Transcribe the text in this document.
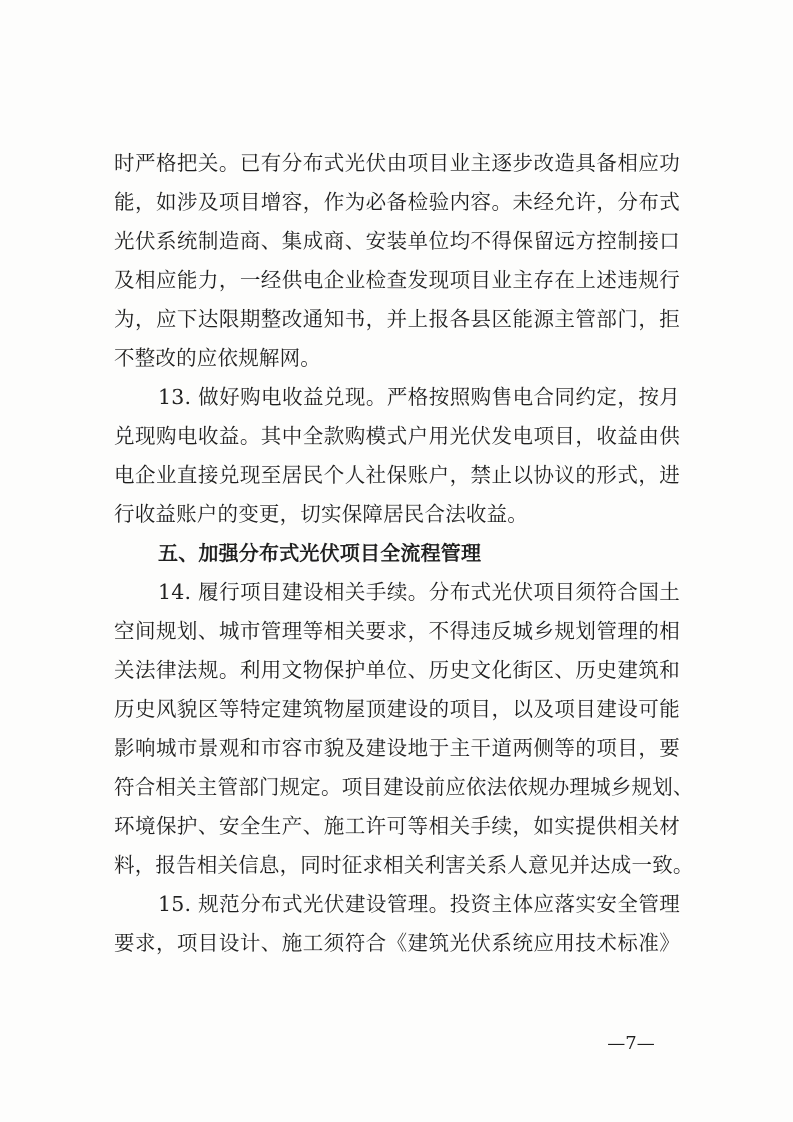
时严格把关。已有分布式光伏由项目业主逐步改造具备相应功
能，如涉及项目增容，作为必备检验内容。未经允许，分布式
光伏系统制造商、集成商、安装单位均不得保留远方控制接口
及相应能力，一经供电企业检查发现项目业主存在上述违规行
为，应下达限期整改通知书，并上报各县区能源主管部门，拒
不整改的应依规解网。
13. 做好购电收益兑现。严格按照购售电合同约定，按月
兑现购电收益。其中全款购模式户用光伏发电项目，收益由供
电企业直接兑现至居民个人社保账户，禁止以协议的形式，进
行收益账户的变更，切实保障居民合法收益。
五、加强分布式光伏项目全流程管理
14. 履行项目建设相关手续。分布式光伏项目须符合国土
空间规划、城市管理等相关要求，不得违反城乡规划管理的相
关法律法规。利用文物保护单位、历史文化街区、历史建筑和
历史风貌区等特定建筑物屋顶建设的项目，以及项目建设可能
影响城市景观和市容市貌及建设地于主干道两侧等的项目，要
符合相关主管部门规定。项目建设前应依法依规办理城乡规划、
环境保护、安全生产、施工许可等相关手续，如实提供相关材
料，报告相关信息，同时征求相关利害关系人意见并达成一致。
15. 规范分布式光伏建设管理。投资主体应落实安全管理
—7—
要求，项目设计、施工须符合《建筑光伏系统应用技术标准》
